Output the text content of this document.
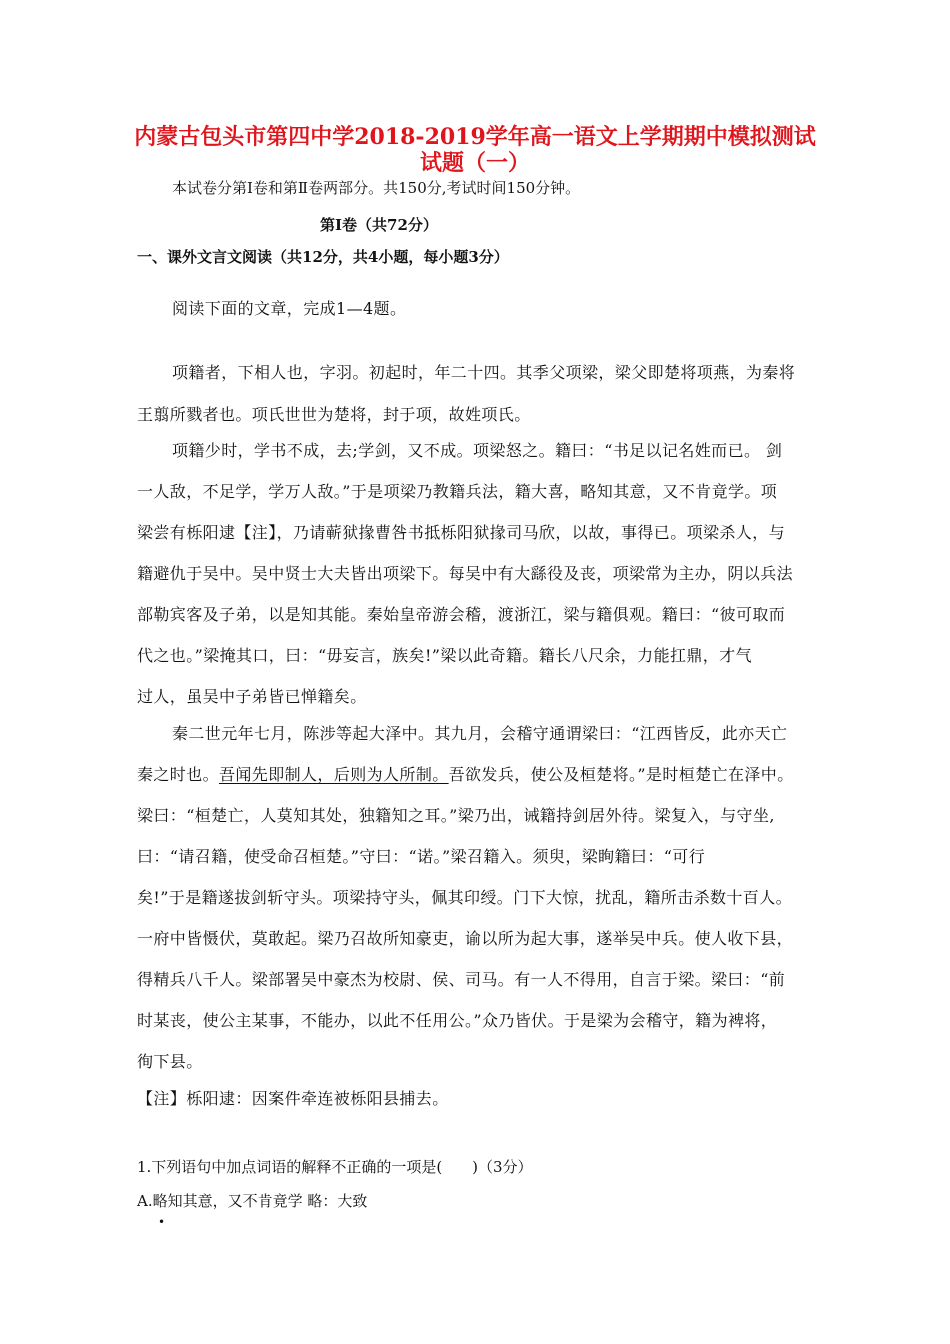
内蒙古包头市第四中学2018-2019学年高一语文上学期期中模拟测试
试题（一）
本试卷分第Ⅰ卷和第Ⅱ卷两部分。共150分,考试时间150分钟。
第Ⅰ卷（共72分）
一、课外文言文阅读（共12分，共4小题，每小题3分）
阅读下面的文章，完成1—4题。
项籍者，下相人也，字羽。初起时，年二十四。其季父项梁，梁父即楚将项燕，为秦将
王翦所戮者也。项氏世世为楚将，封于项，故姓项氏。
项籍少时，学书不成，去;学剑，又不成。项梁怒之。籍曰：“书足以记名姓而已。 剑
一人敌，不足学，学万人敌。”于是项梁乃教籍兵法，籍大喜，略知其意，又不肯竟学。项
梁尝有栎阳逮【注】，乃请蕲狱掾曹咎书抵栎阳狱掾司马欣，以故，事得已。项梁杀人，与
籍避仇于吴中。吴中贤士大夫皆出项梁下。每吴中有大繇役及丧，项梁常为主办，阴以兵法
部勒宾客及子弟，以是知其能。秦始皇帝游会稽，渡浙江，梁与籍俱观。籍曰：“彼可取而
代之也。”梁掩其口，曰：“毋妄言，族矣!”梁以此奇籍。籍长八尺余，力能扛鼎，才气
过人，虽吴中子弟皆已惮籍矣。
秦二世元年七月，陈涉等起大泽中。其九月，会稽守通谓梁曰：“江西皆反，此亦天亡
秦之时也。吾闻先即制人，后则为人所制。吾欲发兵，使公及桓楚将。”是时桓楚亡在泽中。
梁曰：“桓楚亡，人莫知其处，独籍知之耳。”梁乃出，诫籍持剑居外待。梁复入，与守坐,
曰：“请召籍，使受命召桓楚。”守曰：“诺。”梁召籍入。须臾，梁眴籍曰：“可行
矣!”于是籍遂拔剑斩守头。项梁持守头，佩其印绶。门下大惊，扰乱，籍所击杀数十百人。
一府中皆慑伏，莫敢起。梁乃召故所知豪吏，谕以所为起大事，遂举吴中兵。使人收下县，
得精兵八千人。梁部署吴中豪杰为校尉、侯、司马。有一人不得用，自言于梁。梁曰：“前
时某丧，使公主某事，不能办，以此不任用公。”众乃皆伏。于是梁为会稽守，籍为裨将，
徇下县。
【注】栎阳逮：因案件牵连被栎阳县捕去。
1.下列语句中加点词语的解释不正确的一项是(　　)（3分）
A.略知其意，又不肯竟学 略：大致
•
